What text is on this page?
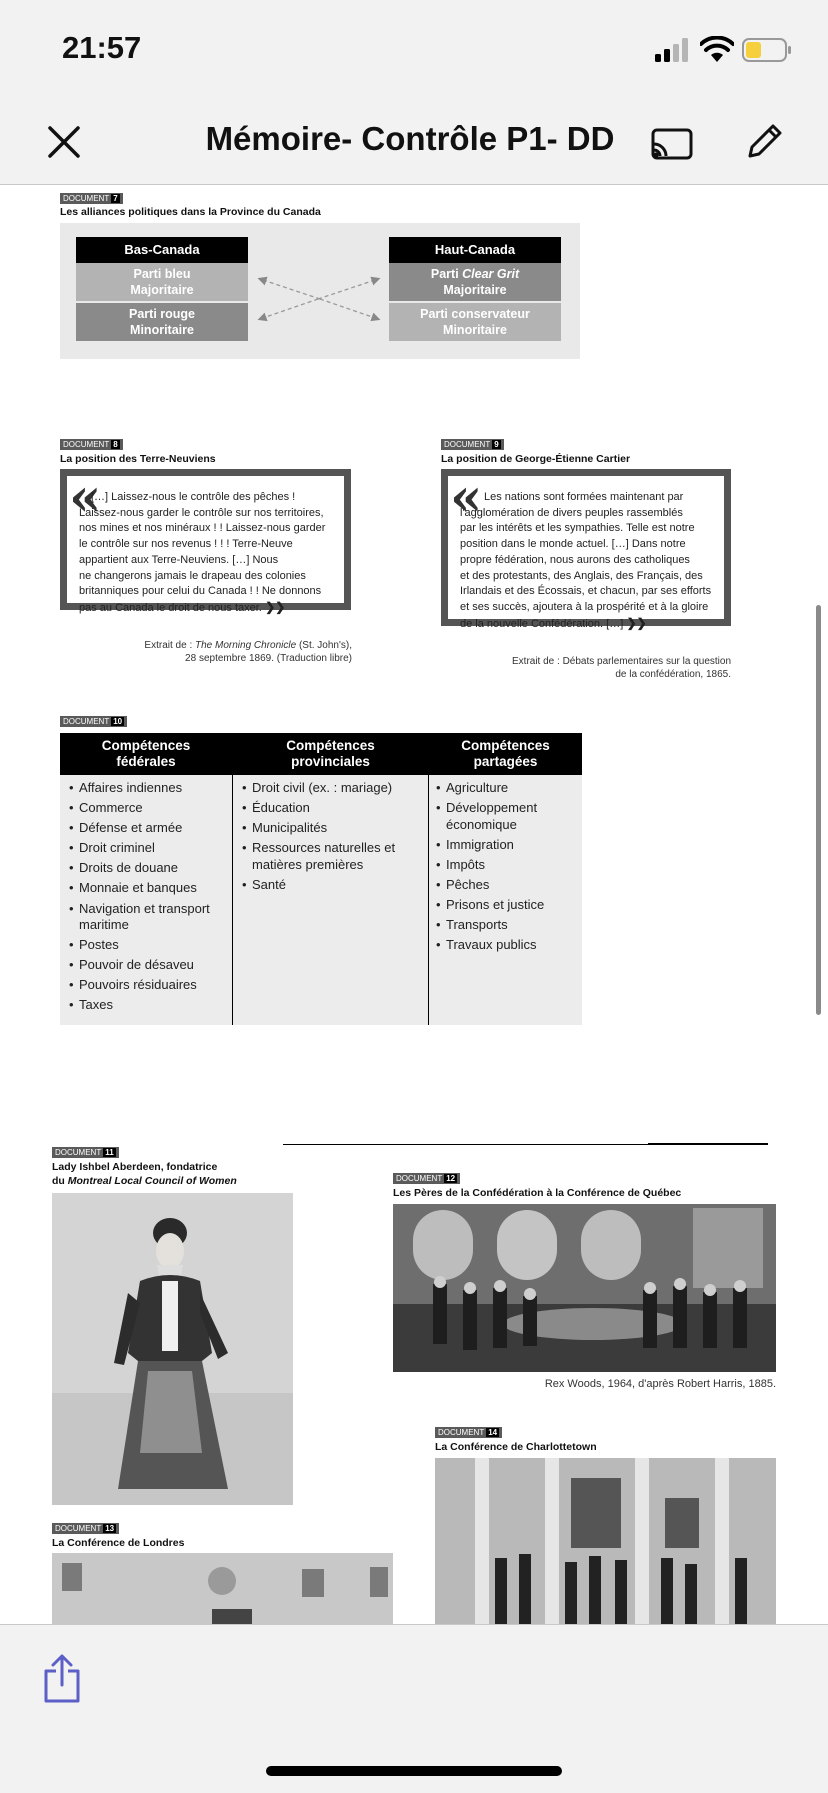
21:57
Mémoire- Contrôle P1- DD
DOCUMENT 7
Les alliances politiques dans la Province du Canada
Bas-Canada
Parti bleu
Majoritaire
Parti rouge
Minoritaire
Haut-Canada
Parti Clear Grit
Majoritaire
Parti conservateur
Minoritaire
DOCUMENT 8
La position des Terre-Neuviens
«
[…] Laissez-nous le contrôle des pêches !
Laissez-nous garder le contrôle sur nos territoires,
nos mines et nos minéraux ! ! Laissez-nous garder
le contrôle sur nos revenus ! ! ! Terre-Neuve
appartient aux Terre-Neuviens. […] Nous
ne changerons jamais le drapeau des colonies
britanniques pour celui du Canada ! ! Ne donnons
pas au Canada le droit de nous taxer. ❯❯
Extrait de : The Morning Chronicle (St. John's),
28 septembre 1869. (Traduction libre)
DOCUMENT 9
La position de George-Étienne Cartier
« Les nations sont formées maintenant par
l'agglomération de divers peuples rassemblés
par les intérêts et les sympathies. Telle est notre
position dans le monde actuel. […] Dans notre
propre fédération, nous aurons des catholiques
et des protestants, des Anglais, des Français, des
Irlandais et des Écossais, et chacun, par ses efforts
et ses succès, ajoutera à la prospérité et à la gloire
de la nouvelle Confédération. […] ❯❯
Extrait de : Débats parlementaires sur la question
de la confédération, 1865.
DOCUMENT 10
Compétences
fédérales
Compétences
provinciales
Compétences
partagées
• Affaires indiennes
• Commerce
• Défense et armée
• Droit criminel
• Droits de douane
• Monnaie et banques
• Navigation et transport maritime
• Postes
• Pouvoir de désaveu
• Pouvoirs résiduaires
• Taxes
• Droit civil (ex. : mariage)
• Éducation
• Municipalités
• Ressources naturelles et matières premières
• Santé
• Agriculture
• Développement économique
• Immigration
• Impôts
• Pêches
• Prisons et justice
• Transports
• Travaux publics
DOCUMENT 11
Lady Ishbel Aberdeen, fondatrice
du Montreal Local Council of Women	DOCUMENT 12
Les Pères de la Confédération à la Conférence de Québec
Rex Woods, 1964, d'après Robert Harris, 1885.
DOCUMENT 13
La Conférence de Londres
DOCUMENT 14
La Conférence de Charlottetown
